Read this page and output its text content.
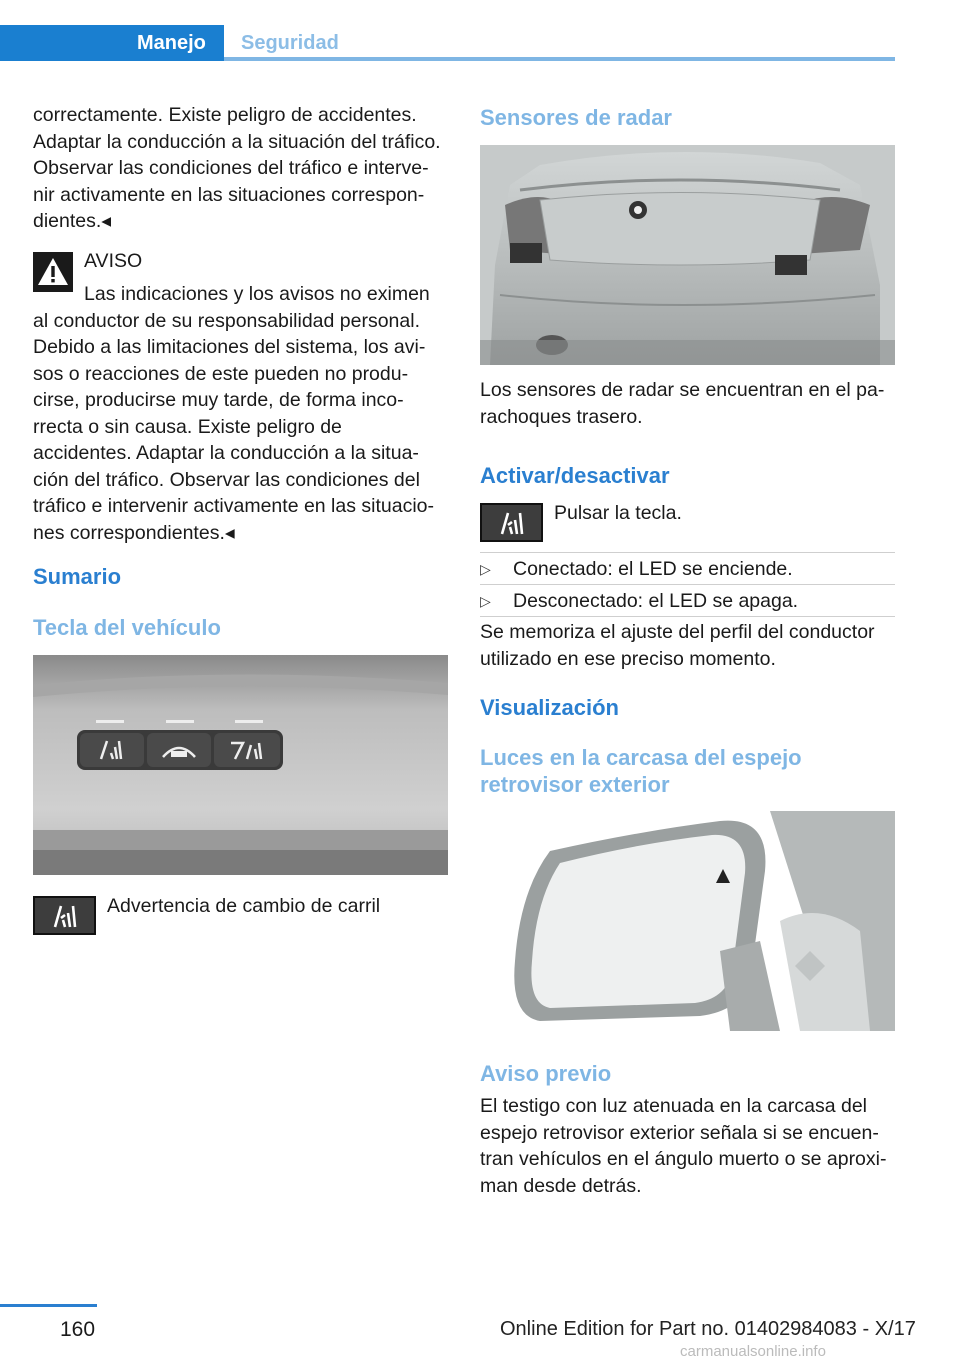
Manejo Seguridad

correctamente. Existe peligro de accidentes.

Adaptar la conducción a la situación del tráfico.

Observar las condiciones del tráfico e interve-

nir activamente en las situaciones correspon-

dientes.◂

AVISO

Las indicaciones y los avisos no eximen

al conductor de su responsabilidad personal.

Debido a las limitaciones del sistema, los avi-

sos o reacciones de este pueden no produ-

cirse, producirse muy tarde, de forma inco-

rrecta o sin causa. Existe peligro de

accidentes. Adaptar la conducción a la situa-

ción del tráfico. Observar las condiciones del

tráfico e intervenir activamente en las situacio-

nes correspondientes.◂

Sumario
Tecla del vehículo
Advertencia de cambio de carril
Sensores de radar

Los sensores de radar se encuentran en el pa-

rachoques trasero.

Activar/desactivar
Pulsar la tecla.
▷ Conectado: el LED se enciende.
▷ Desconectado: el LED se apaga.

Se memoriza el ajuste del perfil del conductor

utilizado en ese preciso momento.

Visualización

Luces en la carcasa del espejo

retrovisor exterior

Aviso previo

El testigo con luz atenuada en la carcasa del

espejo retrovisor exterior señala si se encuen-

tran vehículos en el ángulo muerto o se aproxi-

man desde detrás.

160	Online Edition for Part no. 01402984083 - X/17
carmanualsonline.info
